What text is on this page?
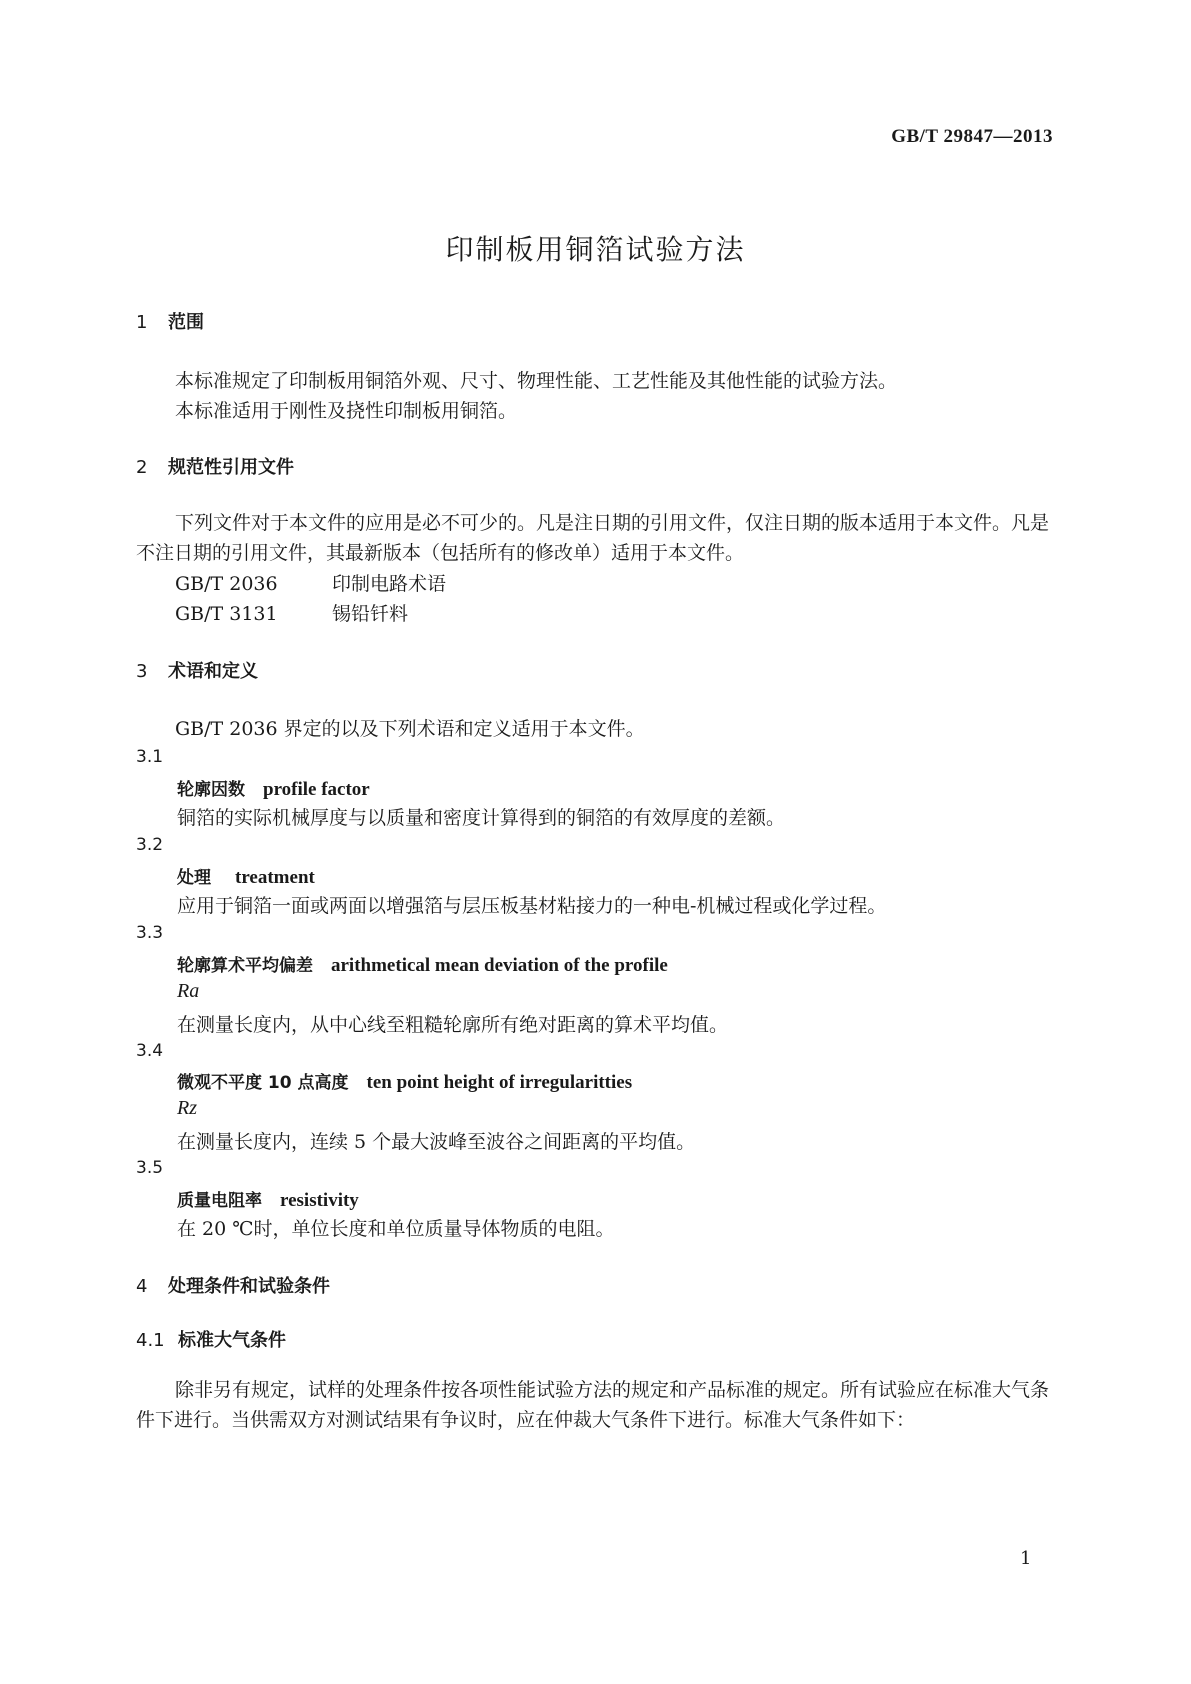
GB/T 29847—2013
印制板用铜箔试验方法
1 范围
本标准规定了印制板用铜箔外观、尺寸、物理性能、工艺性能及其他性能的试验方法。
本标准适用于刚性及挠性印制板用铜箔。
2 规范性引用文件
下列文件对于本文件的应用是必不可少的。凡是注日期的引用文件，仅注日期的版本适用于本文件。凡是不注日期的引用文件，其最新版本（包括所有的修改单）适用于本文件。
GB/T 2036	印制电路术语
GB/T 3131	锡铅钎料
3 术语和定义
GB/T 2036 界定的以及下列术语和定义适用于本文件。
3.1
轮廓因数 profile factor
铜箔的实际机械厚度与以质量和密度计算得到的铜箔的有效厚度的差额。
3.2
处理 treatment
应用于铜箔一面或两面以增强箔与层压板基材粘接力的一种电-机械过程或化学过程。
3.3
轮廓算术平均偏差 arithmetical mean deviation of the profile
Ra
在测量长度内，从中心线至粗糙轮廓所有绝对距离的算术平均值。
3.4
微观不平度 10 点高度 ten point height of irregularitties
Rz
在测量长度内，连续 5 个最大波峰至波谷之间距离的平均值。
3.5
质量电阻率 resistivity
在 20 ℃时，单位长度和单位质量导体物质的电阻。
4 处理条件和试验条件
4.1 标准大气条件
除非另有规定，试样的处理条件按各项性能试验方法的规定和产品标准的规定。所有试验应在标准大气条件下进行。当供需双方对测试结果有争议时，应在仲裁大气条件下进行。标准大气条件如下：
1
